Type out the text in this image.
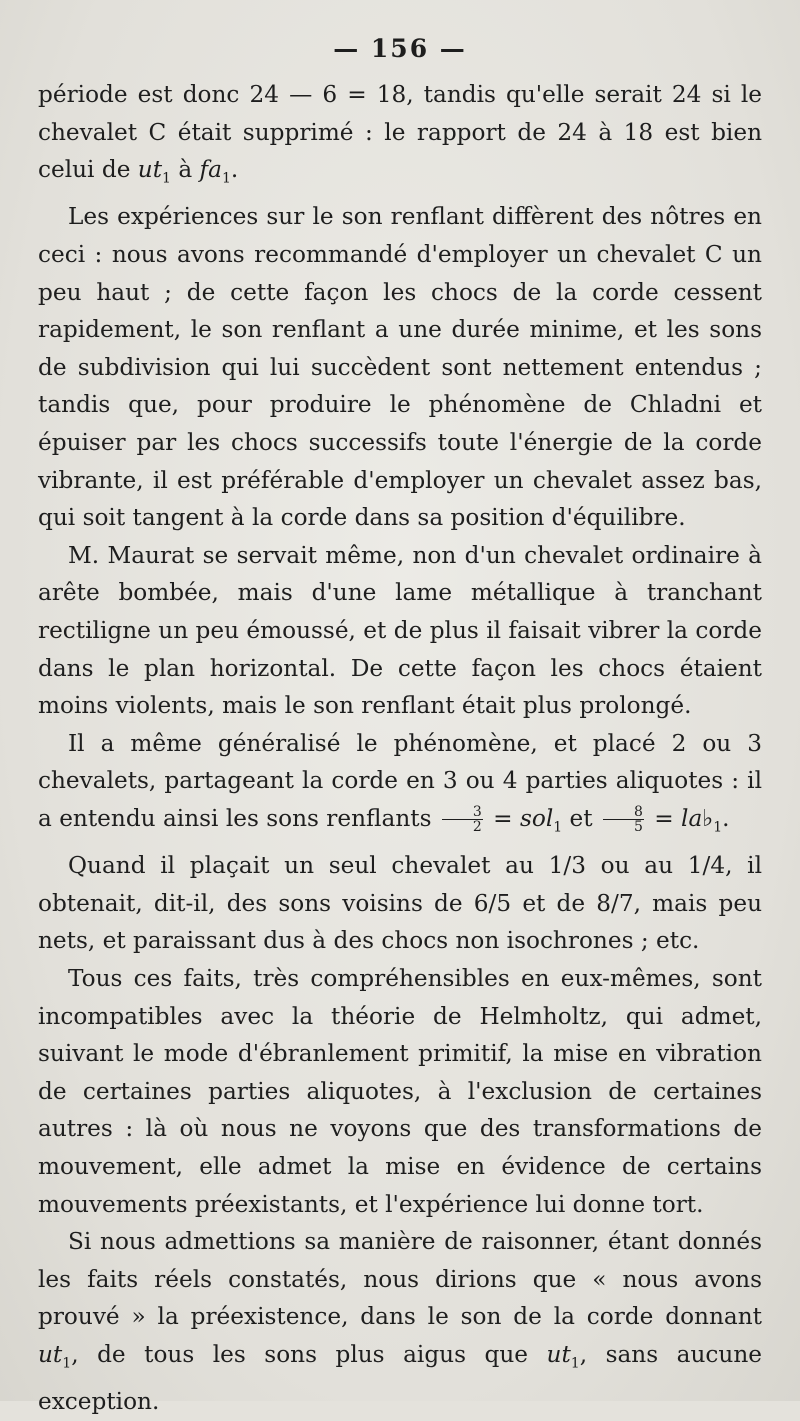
— 156 —

période est donc 24 — 6 = 18, tandis qu'elle serait 24 si le chevalet C était supprimé : le rapport de 24 à 18 est bien celui de $ut_1$ à $fa_1$.

Les expériences sur le son renflant diffèrent des nôtres en ceci : nous avons recommandé d'employer un chevalet C un peu haut ; de cette façon les chocs de la corde cessent rapidement, le son renflant a une durée minime, et les sons de subdivision qui lui succèdent sont nettement entendus ; tandis que, pour produire le phénomène de Chladni et épuiser par les chocs successifs toute l'énergie de la corde vibrante, il est préférable d'employer un chevalet assez bas, qui soit tangent à la corde dans sa position d'équilibre.

M. Maurat se servait même, non d'un chevalet ordinaire à arête bombée, mais d'une lame métallique à tranchant rectiligne un peu émoussé, et de plus il faisait vibrer la corde dans le plan horizontal. De cette façon les chocs étaient moins violents, mais le son renflant était plus prolongé.

Il a même généralisé le phénomène, et placé 2 ou 3 chevalets, partageant la corde en 3 ou 4 parties aliquotes : il a entendu ainsi les sons renflants $\frac{3}{2} = sol_1$ et $\frac{8}{5}$ = $la♭_1$.

Quand il plaçait un seul chevalet au 1/3 ou au 1/4, il obtenait, dit-il, des sons voisins de 6/5 et de 8/7, mais peu nets, et paraissant dus à des chocs non isochrones ; etc.

Tous ces faits, très compréhensibles en eux-mêmes, sont incompatibles avec la théorie de Helmholtz, qui admet, suivant le mode d'ébranlement primitif, la mise en vibration de certaines parties aliquotes, à l'exclusion de certaines autres : là où nous ne voyons que des transformations de mouvement, elle admet la mise en évidence de certains mouvements préexistants, et l'expérience lui donne tort.

Si nous admettions sa manière de raisonner, étant donnés les faits réels constatés, nous dirions que « nous avons prouvé » la préexistence, dans le son de la corde donnant $ut_1$, de tous les sons plus aigus que $ut_1$, sans aucune exception.
